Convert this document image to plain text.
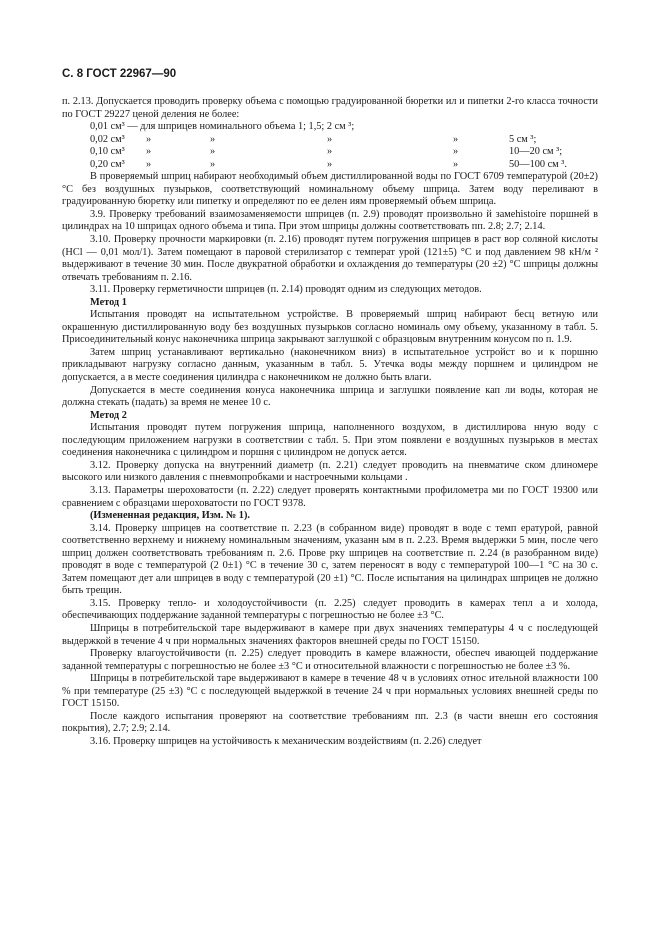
С. 8 ГОСТ 22967—90

п. 2.13. Допускается проводить проверку объема с помощью градуированной бюретки ил и пипетки 2-го класса точности по ГОСТ 29227 ценой деления не более:

0,01 см³ — для шприцев номинального объема 1; 1,5; 2 см ³;

0,02 см³	»	»	»	»	5 см ³;
0,10 см³	»	»	»	»	10—20 см ³;
0,20 см³	»	»	»	»	50—100 см ³.

В проверяемый шприц набирают необходимый объем дистиллированной воды по ГОСТ 6709 температурой (20±2) °С без воздушных пузырьков, соответствующий номинальному объему шприца. Затем воду переливают в градуированную бюретку или пипетку и определяют по ее делен иям проверяемый объем шприца.

3.9. Проверку требований взаимозаменяемости шприцев (п. 2.9) проводят произвольно й замеhistoire поршней в цилиндрах на 10 шприцах одного объема и типа. При этом шприцы должны соответствовать пп. 2.8; 2.7; 2.14.

3.10. Проверку прочности маркировки (п. 2.16) проводят путем погружения шприцев в раст вор соляной кислоты (НСl — 0,01 мол/1). Затем помещают в паровой стерилизатор с температ урой (121±5) °С и под давлением 98 кН/м ² выдерживают в течение 30 мин. После двукратной обработки и охлаждения до температуры (20 ±2) °С шприцы должны отвечать требованиям п. 2.16.

3.11. Проверку герметичности шприцев (п. 2.14) проводят одним из следующих методов.

Метод 1

Испытания проводят на испытательном устройстве. В проверяемый шприц набирают бесц ветную или окрашенную дистиллированную воду без воздушных пузырьков согласно номиналь ому объему, указанному в табл. 5. Присоединительный конус наконечника шприца закрывают заглушкой с образцовым внутренним конусом по п. 1.9.

Затем шприц устанавливают вертикально (наконечником вниз) в испытательное устройст во и к поршню прикладывают нагрузку согласно данным, указанным в табл. 5. Утечка воды между поршнем и цилиндром не допускается, а в месте соединения цилиндра с наконечником не должно быть влаги.

Допускается в месте соединения конуса наконечника шприца и заглушки появление кап ли воды, которая не должна стекать (падать) за время не менее 10 с.

Метод 2

Испытания проводят путем погружения шприца, наполненного воздухом, в дистиллирова нную воду с последующим приложением нагрузки в соответствии с табл. 5. При этом появлени е воздушных пузырьков в местах соединения наконечника с цилиндром и поршня с цилиндром не допуск ается.

3.12. Проверку допуска на внутренний диаметр (п. 2.21) следует проводить на пневматиче ском длиномере высокого или низкого давления с пневмопробками и настроечными кольцами .

3.13. Параметры шероховатости (п. 2.22) следует проверять контактными профилометра ми по ГОСТ 19300 или сравнением с образцами шероховатости по ГОСТ 9378.

(Измененная редакция, Изм. № 1).

3.14. Проверку шприцев на соответствие п. 2.23 (в собранном виде) проводят в воде с темп ературой, равной соответственно верхнему и нижнему номинальным значениям, указанн ым в п. 2.23. Время выдержки 5 мин, после чего шприц должен соответствовать требованиям п. 2.6. Прове рку шприцев на соответствие п. 2.24 (в разобранном виде) проводят в воде с температурой (2 0±1) °С в течение 30 с, затем переносят в воду с температурой 100—1 °С на 30 с. Затем помещают дет али шприцев в воду с температурой (20 ±1) °С. После испытания на цилиндрах шприцев не должно быть трещин.

3.15. Проверку тепло- и холодоустойчивости (п. 2.25) следует проводить в камерах тепл а и холода, обеспечивающих поддержание заданной температуры с погрешностью не более ±3 °С.

Шприцы в потребительской таре выдерживают в камере при двух значениях температуры 4 ч с последующей выдержкой в течение 4 ч при нормальных значениях факторов внешней среды по ГОСТ 15150.

Проверку влагоустойчивости (п. 2.25) следует проводить в камере влажности, обеспеч ивающей поддержание заданной температуры с погрешностью не более ±3 °С и относительной влажности с погрешностью не более ±3 %.

Шприцы в потребительской таре выдерживают в камере в течение 48 ч в условиях относ ительной влажности 100 % при температуре (25 ±3) °С с последующей выдержкой в течение 24 ч при нормальных условиях внешней среды по ГОСТ 15150.

После каждого испытания проверяют на соответствие требованиям пп. 2.3 (в части внешн его состояния покрытия), 2.7; 2.9; 2.14.

3.16. Проверку шприцев на устойчивость к механическим воздействиям (п. 2.26) следует
